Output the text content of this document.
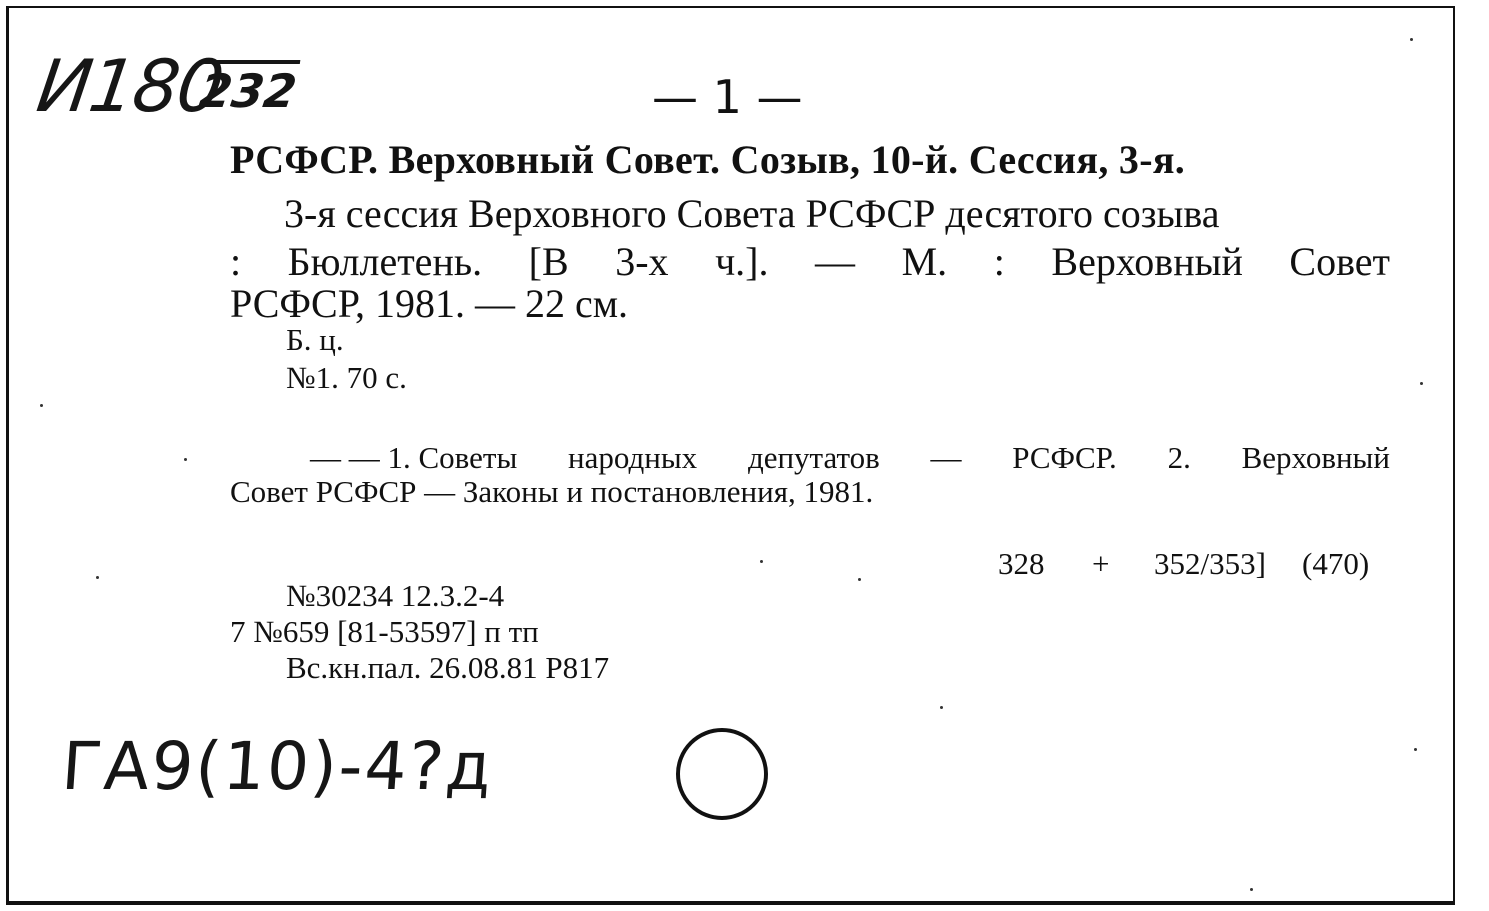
И180
232	— 1 —
РСФСР. Верховный Совет. Созыв, 10-й. Сессия, 3-я.
3-я сессия Верховного Совета РСФСР десятого созыва
: Бюллетень. [В 3-х ч.]. — М. : Верховный Совет
РСФСР, 1981. — 22 см.
Б. ц.
№1. 70 с.
— — 1. Советы народных депутатов — РСФСР. 2. Верховный
Совет РСФСР — Законы и постановления, 1981.
328 + 352/353] (470)
№30234 12.3.2-4
7 №659 [81-53597] п тп
Вс.кн.пал. 26.08.81 Р817
ГА9(10)-4?д
